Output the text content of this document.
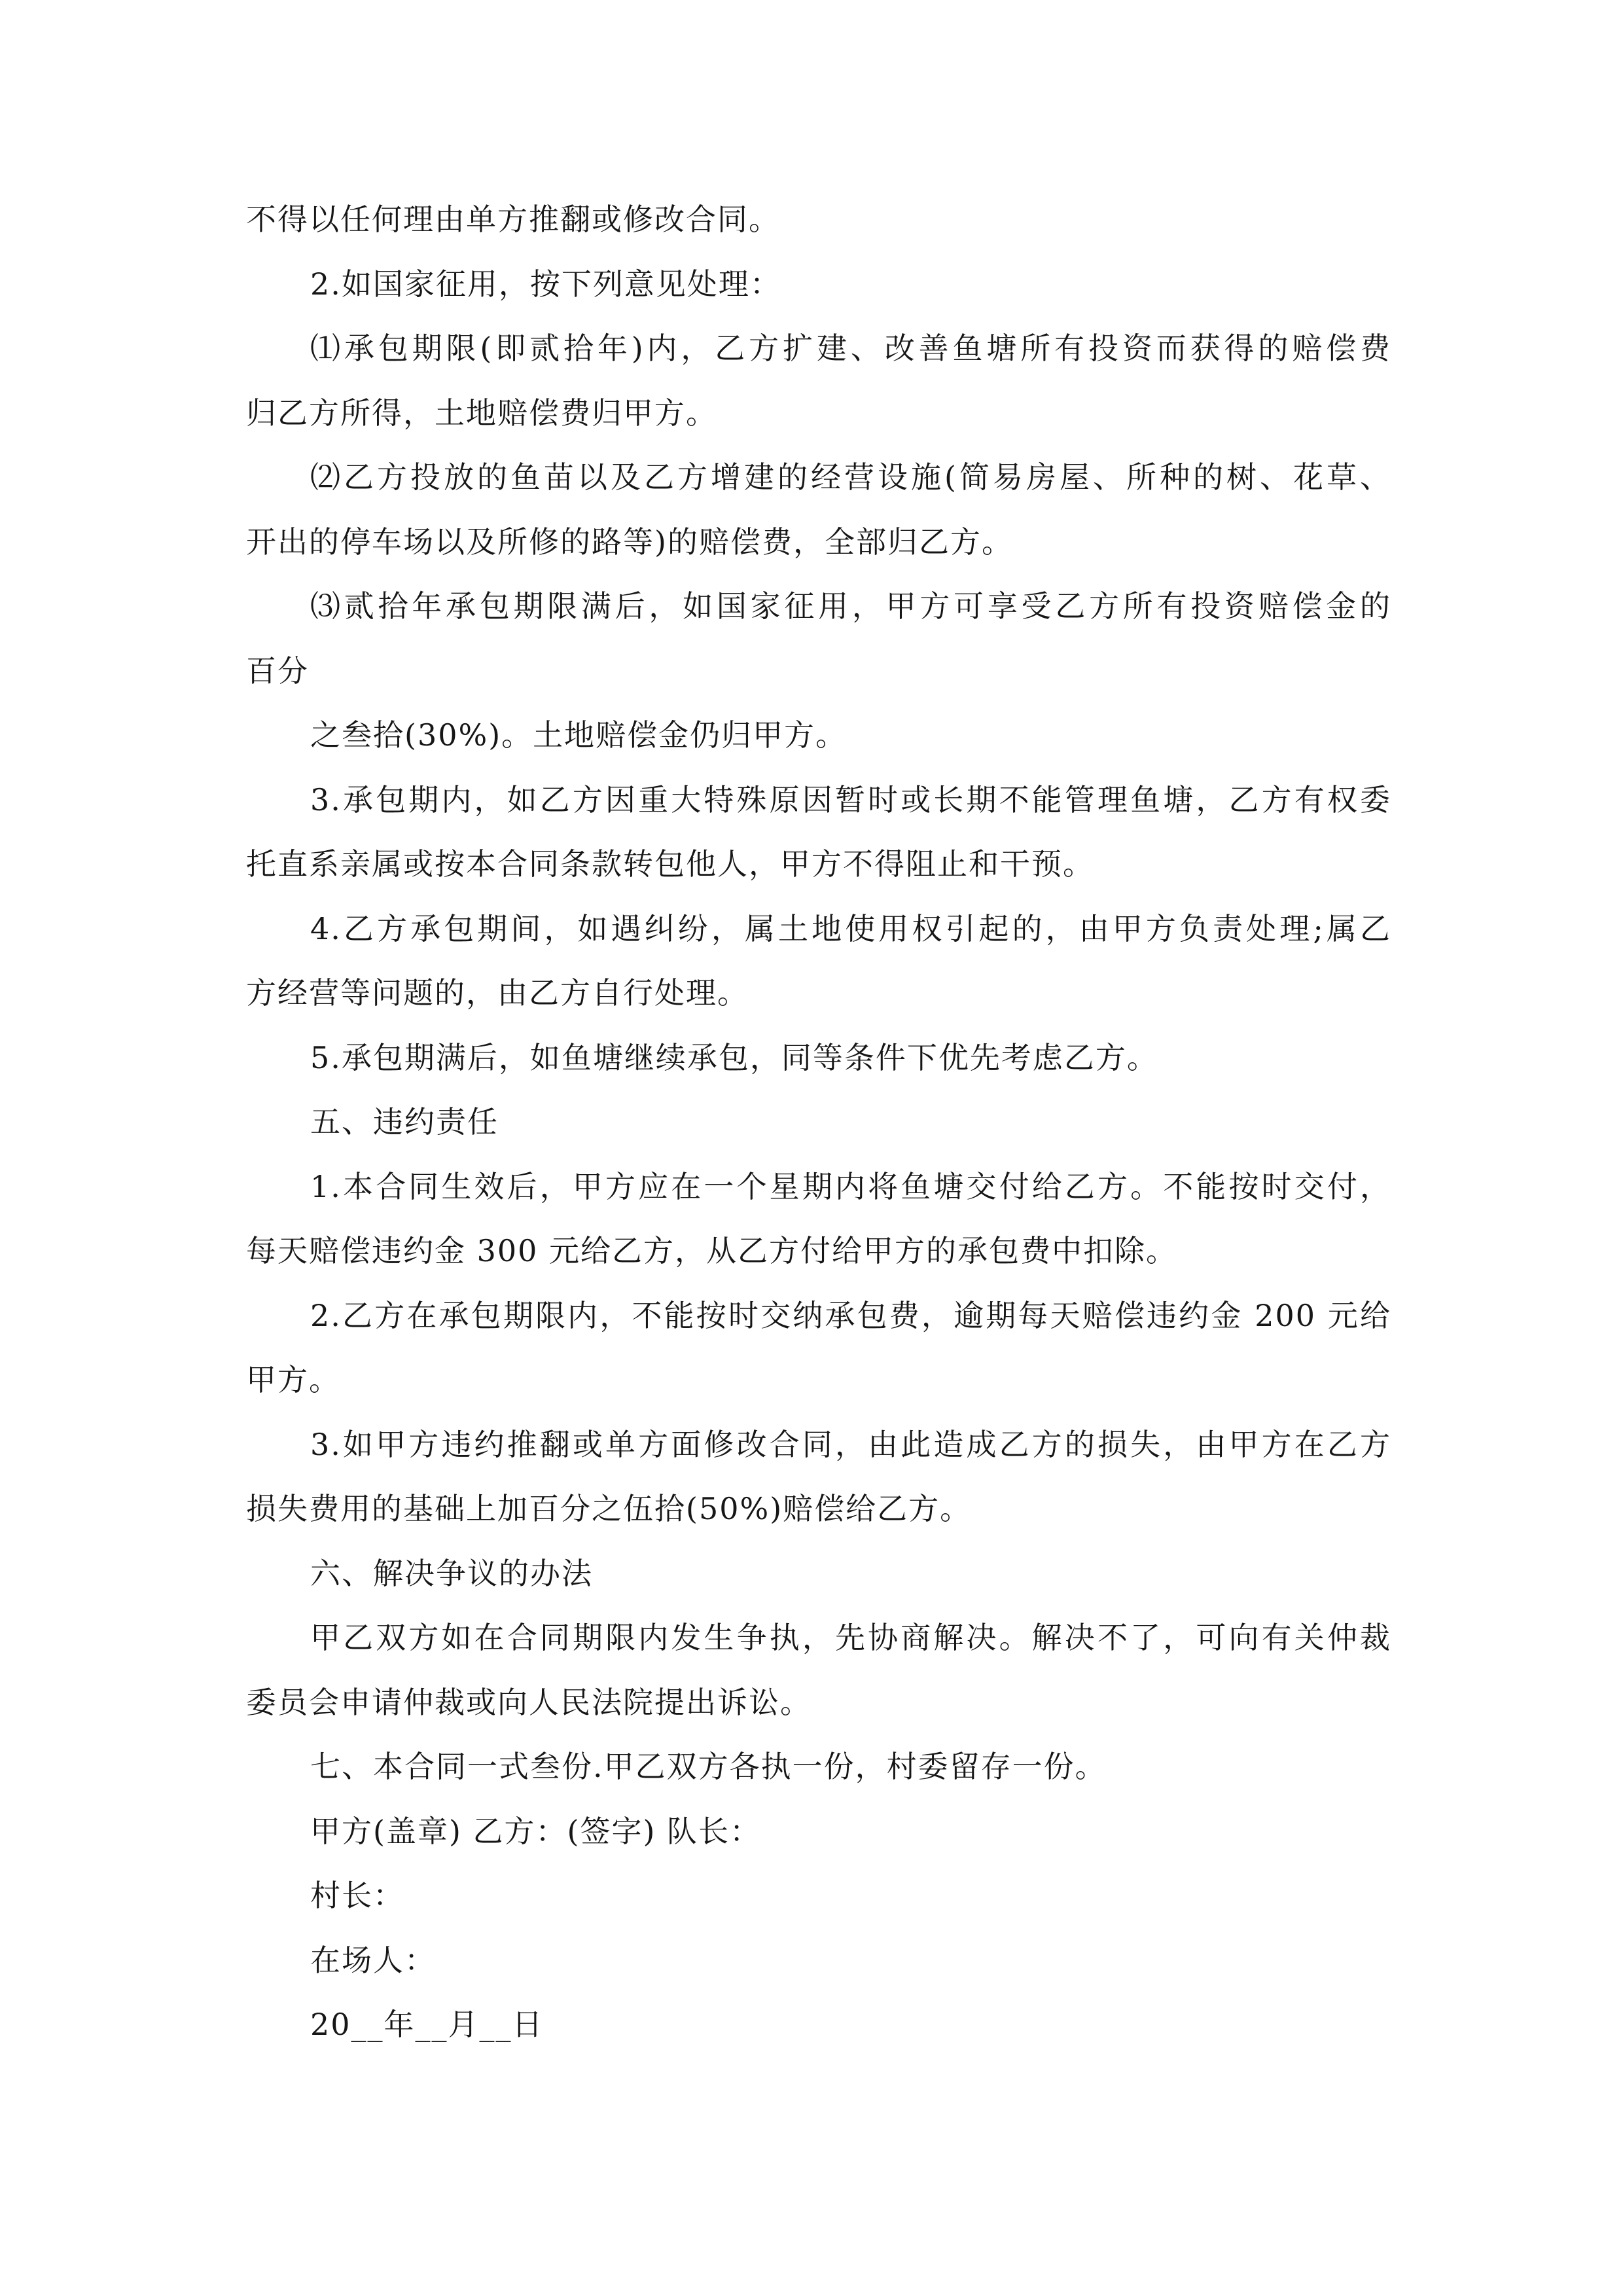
不得以任何理由单方推翻或修改合同。
2.如国家征用，按下列意见处理：
⑴承包期限(即贰拾年)内，乙方扩建、改善鱼塘所有投资而获得的赔偿费
归乙方所得，土地赔偿费归甲方。
⑵乙方投放的鱼苗以及乙方增建的经营设施(简易房屋、所种的树、花草、
开出的停车场以及所修的路等)的赔偿费，全部归乙方。
⑶贰拾年承包期限满后，如国家征用，甲方可享受乙方所有投资赔偿金的
百分
之叁拾(30%)。土地赔偿金仍归甲方。
3.承包期内，如乙方因重大特殊原因暂时或长期不能管理鱼塘，乙方有权委
托直系亲属或按本合同条款转包他人，甲方不得阻止和干预。
4.乙方承包期间，如遇纠纷，属土地使用权引起的，由甲方负责处理;属乙
方经营等问题的，由乙方自行处理。
5.承包期满后，如鱼塘继续承包，同等条件下优先考虑乙方。
五、违约责任
1.本合同生效后，甲方应在一个星期内将鱼塘交付给乙方。不能按时交付，
每天赔偿违约金 300 元给乙方，从乙方付给甲方的承包费中扣除。
2.乙方在承包期限内，不能按时交纳承包费，逾期每天赔偿违约金 200 元给
甲方。
3.如甲方违约推翻或单方面修改合同，由此造成乙方的损失，由甲方在乙方
损失费用的基础上加百分之伍拾(50%)赔偿给乙方。
六、解决争议的办法
甲乙双方如在合同期限内发生争执，先协商解决。解决不了，可向有关仲裁
委员会申请仲裁或向人民法院提出诉讼。
七、本合同一式叁份.甲乙双方各执一份，村委留存一份。
甲方(盖章) 乙方：(签字) 队长：
村长：
在场人：
20__年__月__日
